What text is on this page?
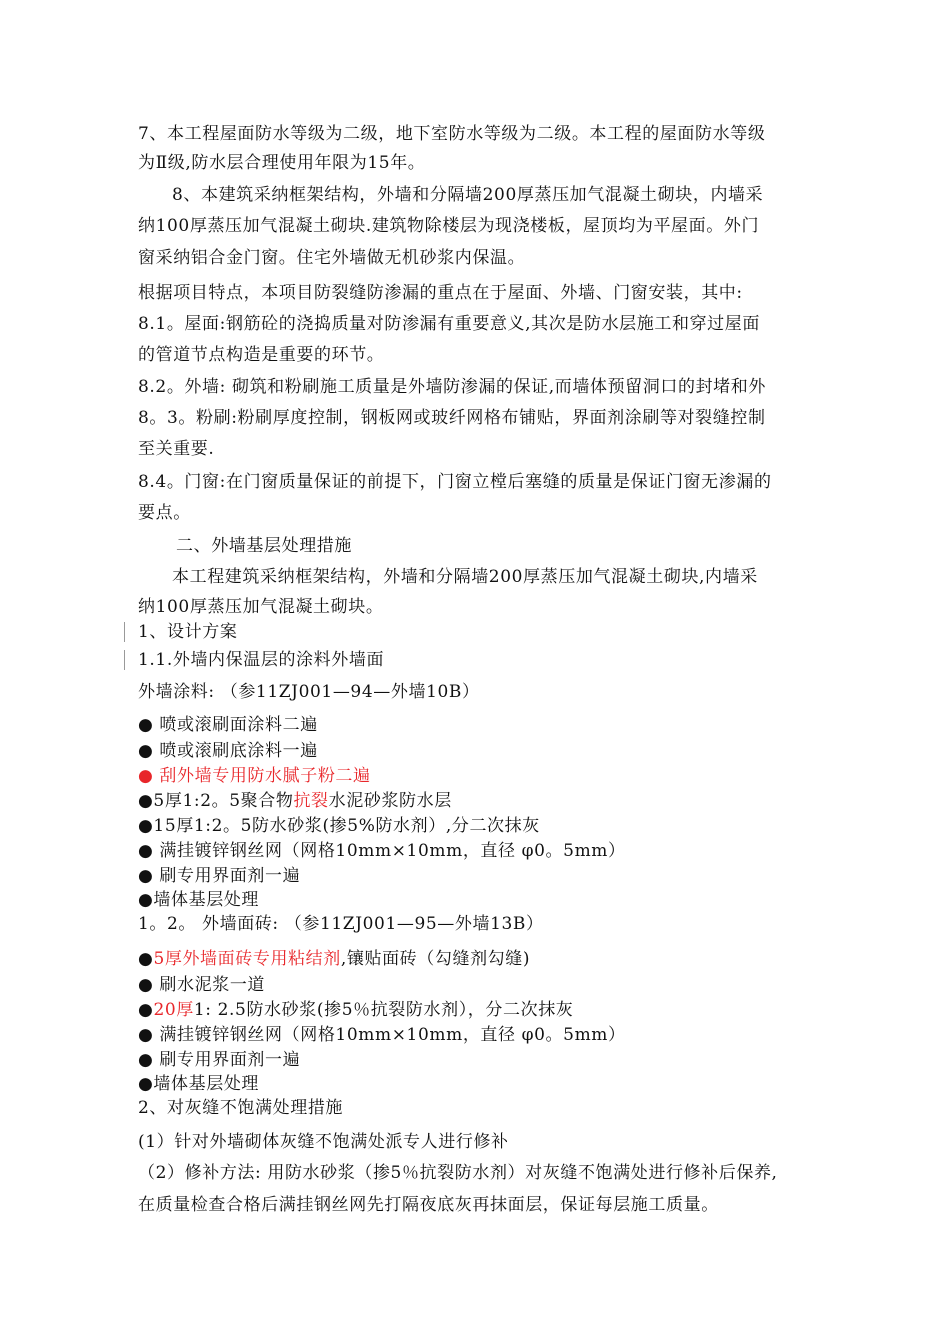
7、本工程屋面防水等级为二级，地下室防水等级为二级。本工程的屋面防水等级
为Ⅱ级,防水层合理使用年限为15年。
8、本建筑采纳框架结构，外墙和分隔墙200厚蒸压加气混凝土砌块，内墙采
纳100厚蒸压加气混凝土砌块.建筑物除楼层为现浇楼板，屋顶均为平屋面。外门
窗采纳铝合金门窗。住宅外墙做无机砂浆内保温。
根据项目特点，本项目防裂缝防渗漏的重点在于屋面、外墙、门窗安装，其中:
8.1。屋面:钢筋砼的浇捣质量对防渗漏有重要意义,其次是防水层施工和穿过屋面
的管道节点构造是重要的环节。
8.2。外墙: 砌筑和粉刷施工质量是外墙防渗漏的保证,而墙体预留洞口的封堵和外
8。3。粉刷:粉刷厚度控制，钢板网或玻纤网格布铺贴，界面剂涂刷等对裂缝控制
至关重要.
8.4。门窗:在门窗质量保证的前提下，门窗立樘后塞缝的质量是保证门窗无渗漏的
要点。
二、外墙基层处理措施
本工程建筑采纳框架结构，外墙和分隔墙200厚蒸压加气混凝土砌块,内墙采
纳100厚蒸压加气混凝土砌块。
1、设计方案
1.1.外墙内保温层的涂料外墙面
外墙涂料: （参11ZJ001—94—外墙10B）
● 喷或滚刷面涂料二遍
● 喷或滚刷底涂料一遍
● 刮外墙专用防水腻子粉二遍
●5厚1:2。5聚合物抗裂水泥砂浆防水层
●15厚1:2。5防水砂浆(掺5%防水剂）,分二次抹灰
● 满挂镀锌钢丝网（网格10mm×10mm，直径 φ0。5mm）
● 刷专用界面剂一遍
●墙体基层处理
1。2。 外墙面砖: （参11ZJ001—95—外墙13B）
●5厚外墙面砖专用粘结剂,镶贴面砖（勾缝剂勾缝)
● 刷水泥浆一道
●20厚1: 2.5防水砂浆(掺5％抗裂防水剂），分二次抹灰
● 满挂镀锌钢丝网（网格10mm×10mm，直径 φ0。5mm）
● 刷专用界面剂一遍
●墙体基层处理
2、对灰缝不饱满处理措施
(1）针对外墙砌体灰缝不饱满处派专人进行修补
（2）修补方法: 用防水砂浆（掺5％抗裂防水剂）对灰缝不饱满处进行修补后保养,
在质量检查合格后满挂钢丝网先打隔夜底灰再抹面层，保证每层施工质量。
